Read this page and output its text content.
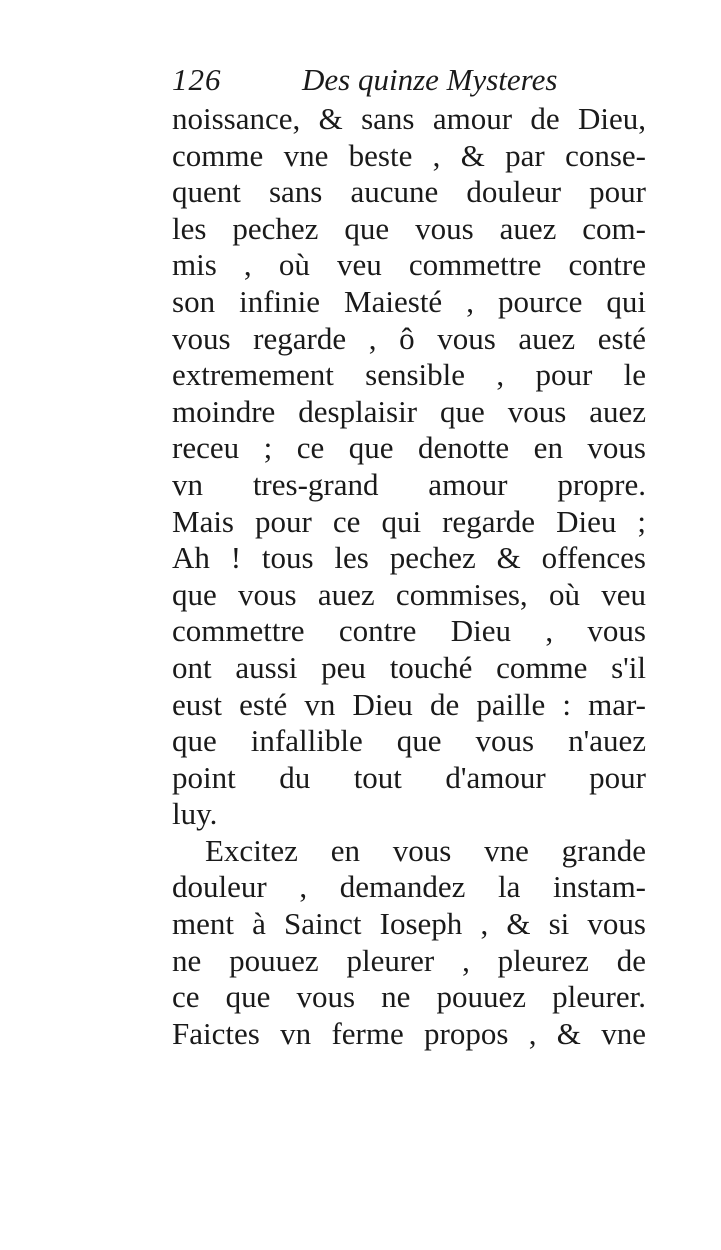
126	Des quinze Mysteres
noissance, & sans amour de Dieu,
comme vne beste , & par conse-
quent sans aucune douleur pour
les pechez que vous auez com-
mis , où veu commettre contre
son infinie Maiesté , pource qui
vous regarde , ô vous auez esté
extremement sensible , pour le
moindre desplaisir que vous auez
receu ; ce que denotte en vous
vn tres-grand amour propre.
Mais pour ce qui regarde Dieu ;
Ah ! tous les pechez & offences
que vous auez commises, où veu
commettre contre Dieu , vous
ont aussi peu touché comme s'il
eust esté vn Dieu de paille : mar-
que infallible que vous n'auez
point du tout d'amour pour
luy.
Excitez en vous vne grande
douleur , demandez la instam-
ment à Sainct Ioseph , & si vous
ne pouuez pleurer , pleurez de
ce que vous ne pouuez pleurer.
Faictes vn ferme propos , & vne
